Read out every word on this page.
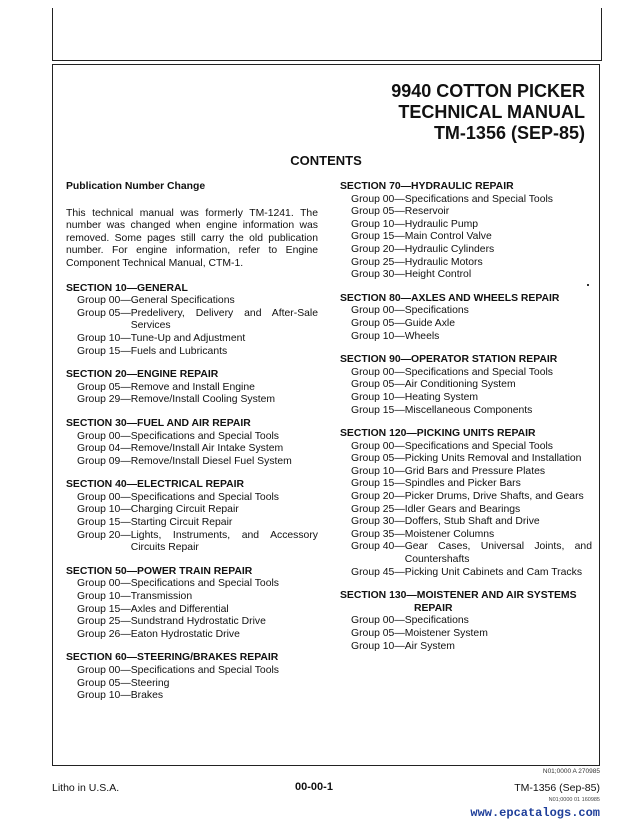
9940 COTTON PICKER
TECHNICAL MANUAL
TM-1356 (SEP-85)
CONTENTS

Publication Number Change

This technical manual was formerly TM-1241. The number was changed when engine information was removed. Some pages still carry the old publication number. For engine information, refer to Engine Component Technical Manual, CTM-1.

SECTION 10—GENERAL
Group 00— General Specifications
Group 05— Predelivery, Delivery and After-Sale Services
Group 10— Tune-Up and Adjustment
Group 15— Fuels and Lubricants
SECTION 20—ENGINE REPAIR
Group 05— Remove and Install Engine
Group 29— Remove/Install Cooling System
SECTION 30—FUEL AND AIR REPAIR
Group 00— Specifications and Special Tools
Group 04— Remove/Install Air Intake System
Group 09— Remove/Install Diesel Fuel System
SECTION 40—ELECTRICAL REPAIR
Group 00— Specifications and Special Tools
Group 10— Charging Circuit Repair
Group 15— Starting Circuit Repair
Group 20— Lights, Instruments, and Accessory Circuits Repair
SECTION 50—POWER TRAIN REPAIR
Group 00— Specifications and Special Tools
Group 10— Transmission
Group 15— Axles and Differential
Group 25— Sundstrand Hydrostatic Drive
Group 26— Eaton Hydrostatic Drive
SECTION 60—STEERING/BRAKES REPAIR
Group 00— Specifications and Special Tools
Group 05— Steering
Group 10— Brakes
SECTION 70—HYDRAULIC REPAIR
Group 00— Specifications and Special Tools
Group 05— Reservoir
Group 10— Hydraulic Pump
Group 15— Main Control Valve
Group 20— Hydraulic Cylinders
Group 25— Hydraulic Motors
Group 30— Height Control
SECTION 80—AXLES AND WHEELS REPAIR
Group 00— Specifications
Group 05— Guide Axle
Group 10— Wheels
SECTION 90—OPERATOR STATION REPAIR
Group 00— Specifications and Special Tools
Group 05— Air Conditioning System
Group 10— Heating System
Group 15— Miscellaneous Components
SECTION 120—PICKING UNITS REPAIR
Group 00— Specifications and Special Tools
Group 05— Picking Units Removal and Installation
Group 10— Grid Bars and Pressure Plates
Group 15— Spindles and Picker Bars
Group 20— Picker Drums, Drive Shafts, and Gears
Group 25— Idler Gears and Bearings
Group 30— Doffers, Stub Shaft and Drive
Group 35— Moistener Columns
Group 40— Gear Cases, Universal Joints, and Countershafts
Group 45— Picking Unit Cabinets and Cam Tracks
SECTION 130—MOISTENER AND AIR SYSTEMS
REPAIR
Group 00— Specifications
Group 05— Moistener System
Group 10— Air System
N01;0000 A 270985
Litho in U.S.A.	00-00-1	TM-1356 (Sep-85)
N01;0000 01 160985
www.epcatalogs.com
